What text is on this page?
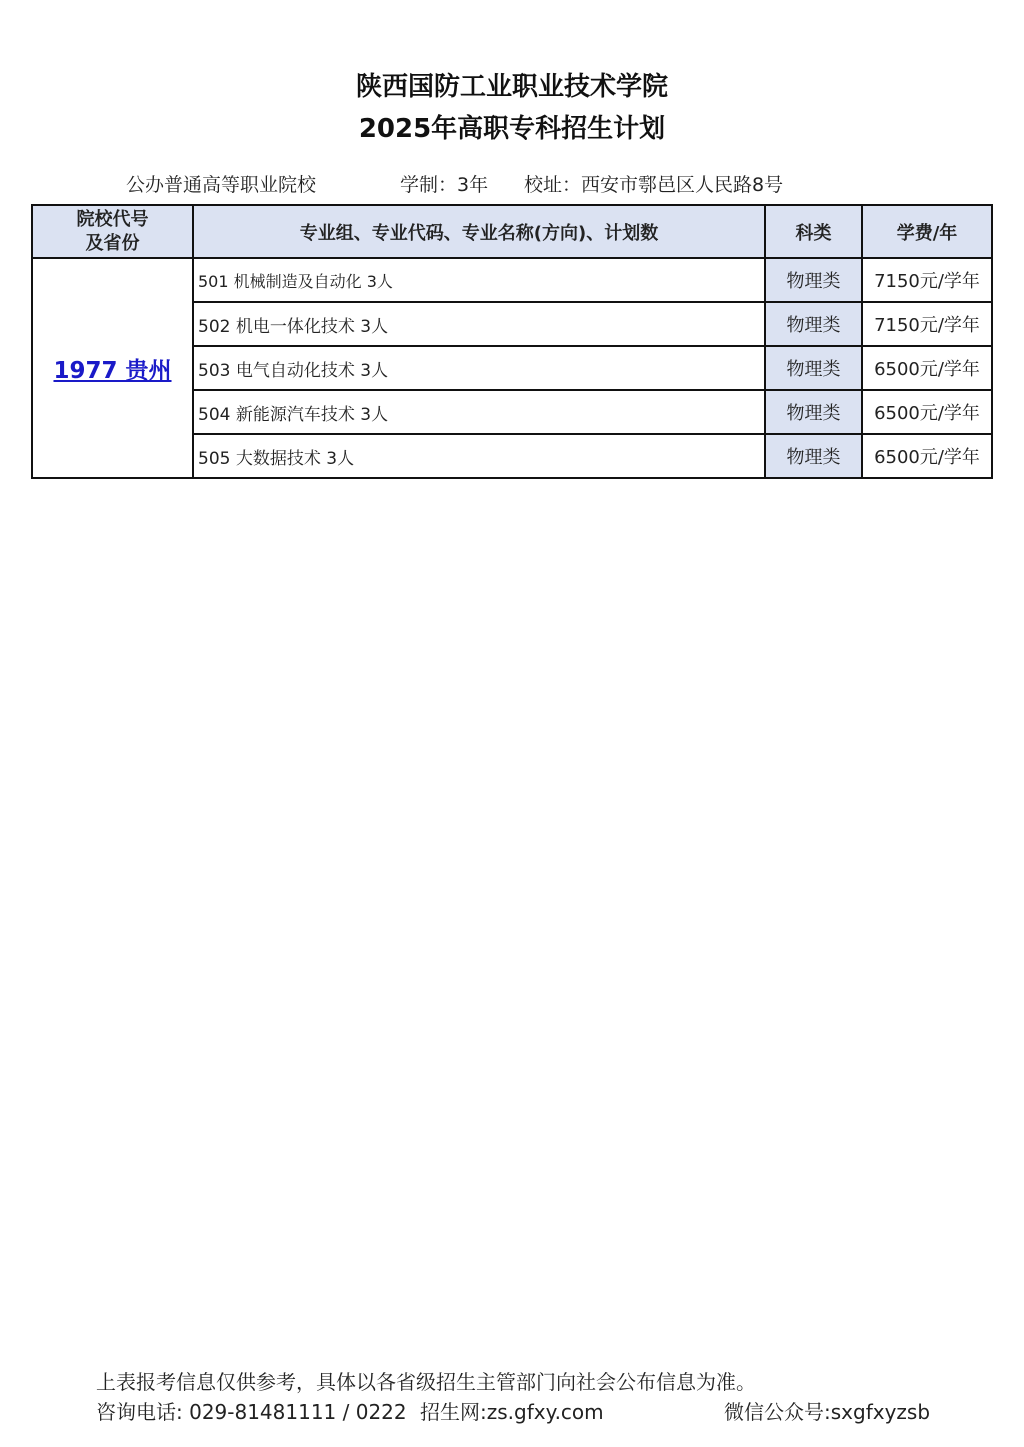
陕西国防工业职业技术学院
2025年高职专科招生计划
公办普通高等职业院校	学制：3年 校址：西安市鄠邑区人民路8号
院校代号
及省份	专业组、专业代码、专业名称(方向)、计划数	科类	学费/年
1977 贵州	501 机械制造及自动化 3人	物理类	7150元/学年
	502 机电一体化技术 3人	物理类	7150元/学年
	503 电气自动化技术 3人	物理类	6500元/学年
	504 新能源汽车技术 3人	物理类	6500元/学年
	505 大数据技术 3人	物理类	6500元/学年
上表报考信息仅供参考，具体以各省级招生主管部门向社会公布信息为准。
咨询电话: 029-81481111 / 0222 招生网:zs.gfxy.com	微信公众号:sxgfxyzsb
